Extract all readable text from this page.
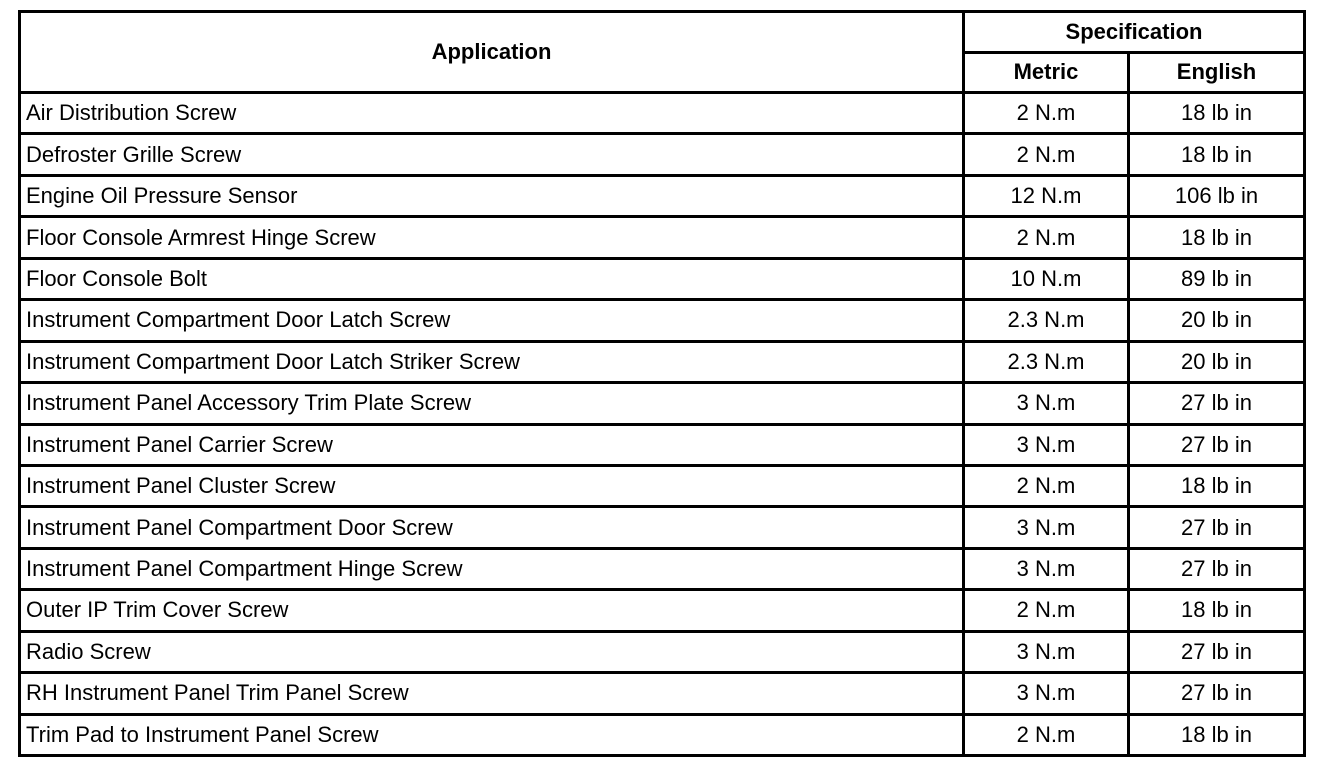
Application	Specification	
	Metric	English
Air Distribution Screw	2 N.m	18 lb in
Defroster Grille Screw	2 N.m	18 lb in
Engine Oil Pressure Sensor	12 N.m	106 lb in
Floor Console Armrest Hinge Screw	2 N.m	18 lb in
Floor Console Bolt	10 N.m	89 lb in
Instrument Compartment Door Latch Screw	2.3 N.m	20 lb in
Instrument Compartment Door Latch Striker Screw	2.3 N.m	20 lb in
Instrument Panel Accessory Trim Plate Screw	3 N.m	27 lb in
Instrument Panel Carrier Screw	3 N.m	27 lb in
Instrument Panel Cluster Screw	2 N.m	18 lb in
Instrument Panel Compartment Door Screw	3 N.m	27 lb in
Instrument Panel Compartment Hinge Screw	3 N.m	27 lb in
Outer IP Trim Cover Screw	2 N.m	18 lb in
Radio Screw	3 N.m	27 lb in
RH Instrument Panel Trim Panel Screw	3 N.m	27 lb in
Trim Pad to Instrument Panel Screw	2 N.m	18 lb in
